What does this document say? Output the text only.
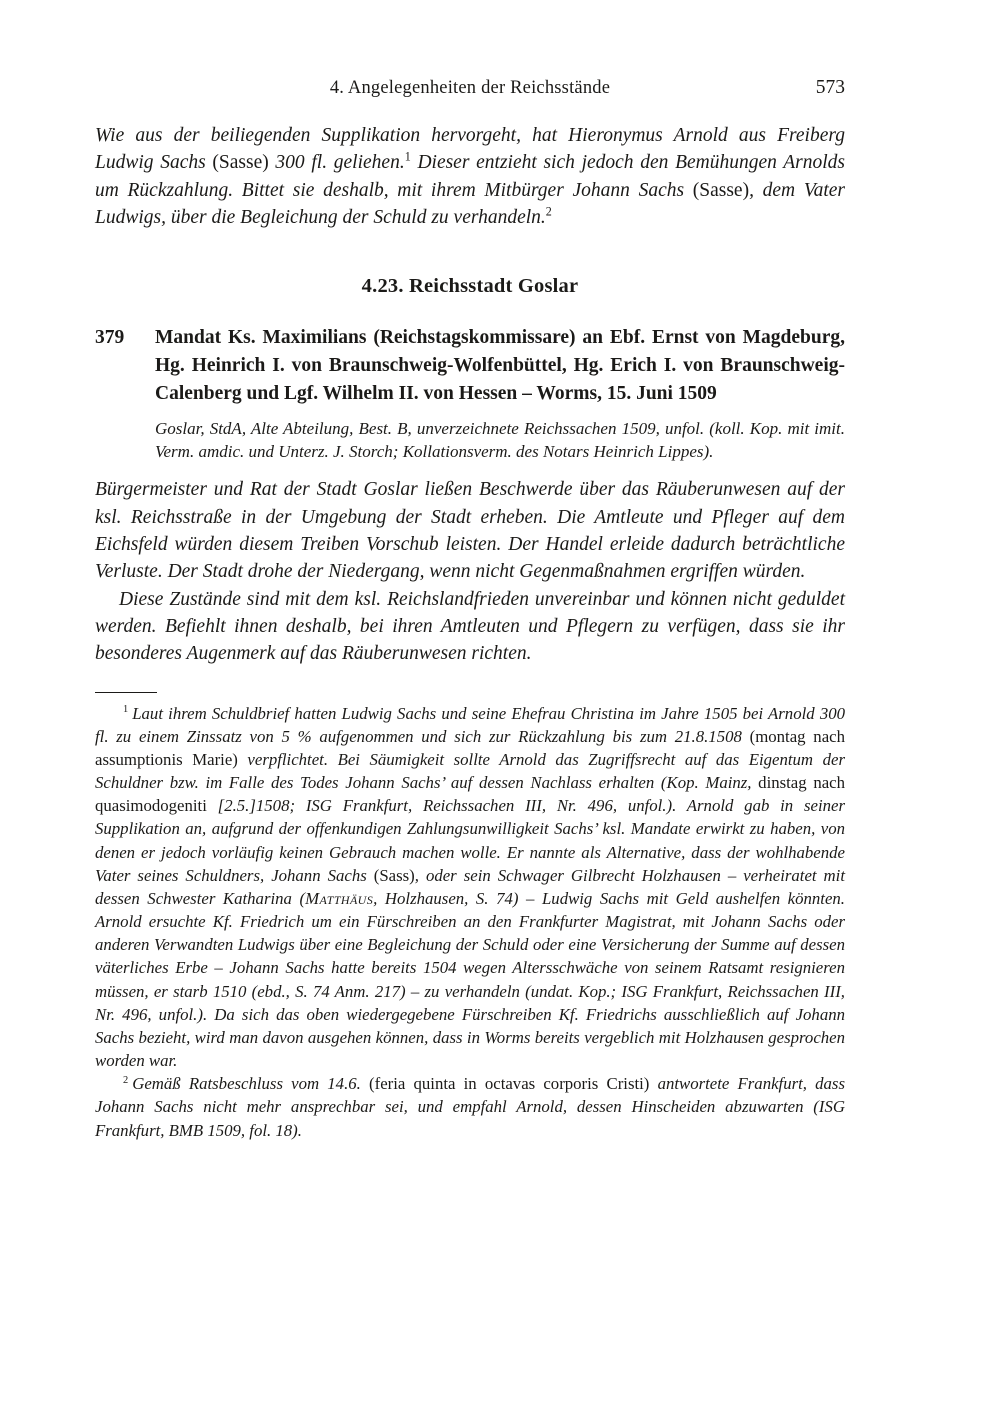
4. Angelegenheiten der Reichsstände	573

Wie aus der beiliegenden Supplikation hervorgeht, hat Hieronymus Arnold aus Freiberg Ludwig Sachs (Sasse) 300 fl. geliehen.$^1$ Dieser entzieht sich jedoch den Bemühungen Arnolds um Rückzahlung. Bittet sie deshalb, mit ihrem Mitbürger Johann Sachs (Sasse), dem Vater Ludwigs, über die Begleichung der Schuld zu verhandeln.$^2$

4.23. Reichsstadt Goslar
379	Mandat Ks. Maximilians (Reichstagskommissare) an Ebf. Ernst von Magdeburg, Hg. Heinrich I. von Braunschweig-Wolfenbüttel, Hg. Erich I. von Braunschweig-Calenberg und Lgf. Wilhelm II. von Hessen – Worms, 15. Juni 1509

Goslar, StdA, Alte Abteilung, Best. B, unverzeichnete Reichssachen 1509, unfol. (koll. Kop. mit imit. Verm. amdic. und Unterz. J. Storch; Kollationsverm. des Notars Heinrich Lippes).

Bürgermeister und Rat der Stadt Goslar ließen Beschwerde über das Räuberunwesen auf der ksl. Reichsstraße in der Umgebung der Stadt erheben. Die Amtleute und Pfleger auf dem Eichsfeld würden diesem Treiben Vorschub leisten. Der Handel erleide dadurch beträchtliche Verluste. Der Stadt drohe der Niedergang, wenn nicht Gegenmaßnahmen ergriffen würden.

Diese Zustände sind mit dem ksl. Reichslandfrieden unvereinbar und können nicht geduldet werden. Befiehlt ihnen deshalb, bei ihren Amtleuten und Pflegern zu verfügen, dass sie ihr besonderes Augenmerk auf das Räuberunwesen richten.

$^1$ Laut ihrem Schuldbrief hatten Ludwig Sachs und seine Ehefrau Christina im Jahre 1505 bei Arnold 300 fl. zu einem Zinssatz von 5 % aufgenommen und sich zur Rückzahlung bis zum 21.8.1508 (montag nach assumptionis Marie) verpflichtet. Bei Säumigkeit sollte Arnold das Zugriffsrecht auf das Eigentum der Schuldner bzw. im Falle des Todes Johann Sachs’ auf dessen Nachlass erhalten (Kop. Mainz, dinstag nach quasimodogeniti [2.5.]1508; ISG Frankfurt, Reichssachen III, Nr. 496, unfol.). Arnold gab in seiner Supplikation an, aufgrund der offenkundigen Zahlungsunwilligkeit Sachs’ ksl. Mandate erwirkt zu haben, von denen er jedoch vorläufig keinen Gebrauch machen wolle. Er nannte als Alternative, dass der wohlhabende Vater seines Schuldners, Johann Sachs (Sass), oder sein Schwager Gilbrecht Holzhausen – verheiratet mit dessen Schwester Katharina (Matthäus, Holzhausen, S. 74) – Ludwig Sachs mit Geld aushelfen könnten. Arnold ersuchte Kf. Friedrich um ein Fürschreiben an den Frankfurter Magistrat, mit Johann Sachs oder anderen Verwandten Ludwigs über eine Begleichung der Schuld oder eine Versicherung der Summe auf dessen väterliches Erbe – Johann Sachs hatte bereits 1504 wegen Altersschwäche von seinem Ratsamt resignieren müssen, er starb 1510 (ebd., S. 74 Anm. 217) – zu verhandeln (undat. Kop.; ISG Frankfurt, Reichssachen III, Nr. 496, unfol.). Da sich das oben wiedergegebene Fürschreiben Kf. Friedrichs ausschließlich auf Johann Sachs bezieht, wird man davon ausgehen können, dass in Worms bereits vergeblich mit Holzhausen gesprochen worden war.

$^2$ Gemäß Ratsbeschluss vom 14.6. (feria quinta in octavas corporis Cristi) antwortete Frankfurt, dass Johann Sachs nicht mehr ansprechbar sei, und empfahl Arnold, dessen Hinscheiden abzuwarten (ISG Frankfurt, BMB 1509, fol. 18).
